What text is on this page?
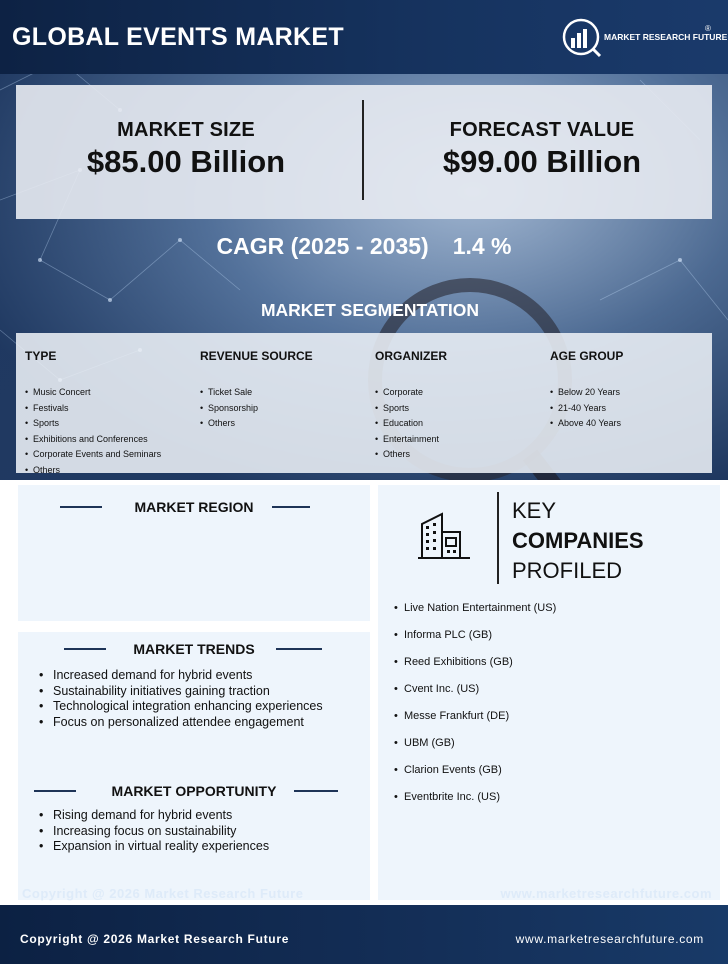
GLOBAL EVENTS MARKET	MARKET RESEARCH FUTURE
®
MARKET SIZE
$85.00 Billion
FORECAST VALUE
$99.00 Billion
CAGR (2025 - 2035) 1.4 %
MARKET SEGMENTATION
TYPE
• Music Concert
• Festivals
• Sports
• Exhibitions and Conferences
• Corporate Events and Seminars
• Others
REVENUE SOURCE
• Ticket Sale
• Sponsorship
• Others
ORGANIZER
• Corporate
• Sports
• Education
• Entertainment
• Others
AGE GROUP
• Below 20 Years
• 21-40 Years
• Above 40 Years
MARKET REGION
MARKET TRENDS
• Increased demand for hybrid events
• Sustainability initiatives gaining traction
• Technological integration enhancing experiences
• Focus on personalized attendee engagement
MARKET OPPORTUNITY
• Rising demand for hybrid events
• Increasing focus on sustainability
• Expansion in virtual reality experiences
KEY
COMPANIES
PROFILED
• Live Nation Entertainment (US)
• Informa PLC (GB)
• Reed Exhibitions (GB)
• Cvent Inc. (US)
• Messe Frankfurt (DE)
• UBM (GB)
• Clarion Events (GB)
• Eventbrite Inc. (US)
Copyright @ 2026 Market Research Future	www.marketresearchfuture.com
Copyright @ 2026 Market Research Future	www.marketresearchfuture.com
